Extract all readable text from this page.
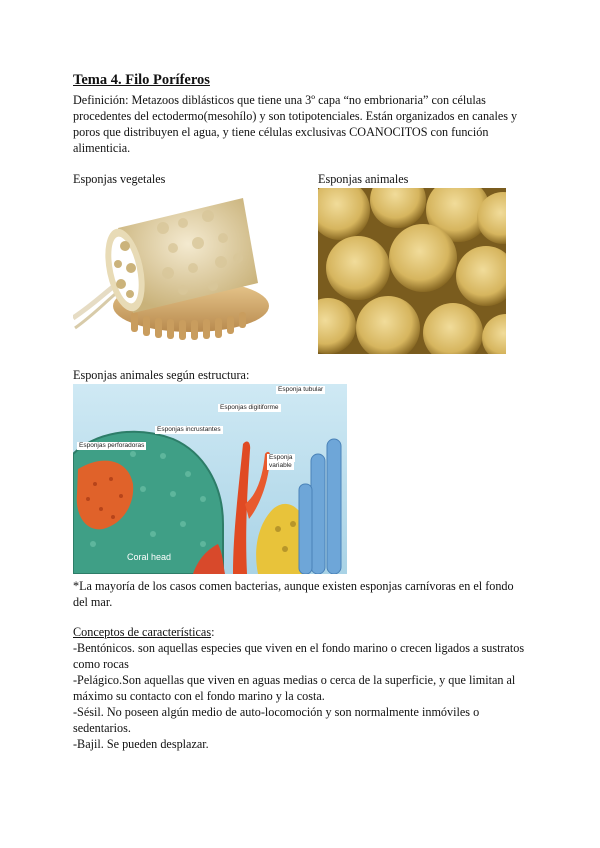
Tema 4. Filo Poríferos
Definición: Metazoos diblásticos que tiene una 3º capa “no embrionaria” con células
procedentes del ectodermo(mesohílo) y son totipotenciales. Están organizados en canales y
poros que distribuyen el agua, y tiene células exclusivas COANOCITOS con función
alimenticia.
Esponjas vegetales	Esponjas animales
Esponjas animales según estructura:
Esponja tubular
Esponjas digitiforme
Esponjas incrustantes
Esponjas perforadoras
Esponja
variable
Coral head
*La mayoría de los casos comen bacterias, aunque existen esponjas carnívoras en el fondo
del mar.
Conceptos de características:
-Bentónicos. son aquellas especies que viven en el fondo marino o crecen ligados a sustratos
como rocas
-Pelágico.Son aquellas que viven en aguas medias o cerca de la superficie, y que limitan al
máximo su contacto con el fondo marino y la costa.
-Sésil. No poseen algún medio de auto-locomoción y son normalmente inmóviles o
sedentarios.
-Bajil. Se pueden desplazar.
